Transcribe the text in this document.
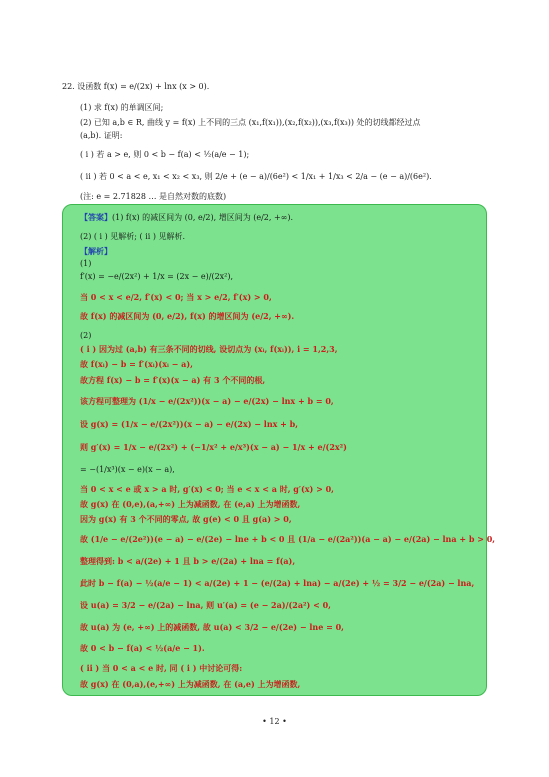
22. 设函数 f(x) = e/(2x) + lnx (x > 0).
(1) 求 f(x) 的单调区间;
(2) 已知 a,b ∈ R, 曲线 y = f(x) 上不同的三点 (x₁,f(x₁)),(x₂,f(x₂)),(x₃,f(x₃)) 处的切线都经过点
(a,b). 证明:
( i ) 若 a > e, 则 0 < b − f(a) < ½(a/e − 1);
( ii ) 若 0 < a < e, x₁ < x₂ < x₃, 则 2/e + (e − a)/(6e²) < 1/x₁ + 1/x₃ < 2/a − (e − a)/(6e²).
(注: e = 2.71828 … 是自然对数的底数)
【答案】(1) f(x) 的减区间为 (0, e/2), 增区间为 (e/2, +∞).
(2) ( i ) 见解析; ( ii ) 见解析.
【解析】
(1)
f′(x) = −e/(2x²) + 1/x = (2x − e)/(2x²),
当 0 < x < e/2, f′(x) < 0; 当 x > e/2, f′(x) > 0,
故 f(x) 的减区间为 (0, e/2), f(x) 的增区间为 (e/2, +∞).
(2)
( i ) 因为过 (a,b) 有三条不同的切线, 设切点为 (xᵢ, f(xᵢ)), i = 1,2,3,
故 f(xᵢ) − b = f′(xᵢ)(xᵢ − a),
故方程 f(x) − b = f′(x)(x − a) 有 3 个不同的根,
该方程可整理为 (1/x − e/(2x²))(x − a) − e/(2x) − lnx + b = 0,
设 g(x) = (1/x − e/(2x²))(x − a) − e/(2x) − lnx + b,
则 g′(x) = 1/x − e/(2x²) + (−1/x² + e/x³)(x − a) − 1/x + e/(2x²)
= −(1/x³)(x − e)(x − a),
当 0 < x < e 或 x > a 时, g′(x) < 0; 当 e < x < a 时, g′(x) > 0,
故 g(x) 在 (0,e),(a,+∞) 上为减函数, 在 (e,a) 上为增函数,
因为 g(x) 有 3 个不同的零点, 故 g(e) < 0 且 g(a) > 0,
故 (1/e − e/(2e²))(e − a) − e/(2e) − lne + b < 0 且 (1/a − e/(2a²))(a − a) − e/(2a) − lna + b > 0,
整理得到: b < a/(2e) + 1 且 b > e/(2a) + lna = f(a),
此时 b − f(a) − ½(a/e − 1) < a/(2e) + 1 − (e/(2a) + lna) − a/(2e) + ½ = 3/2 − e/(2a) − lna,
设 u(a) = 3/2 − e/(2a) − lna, 则 u′(a) = (e − 2a)/(2a²) < 0,
故 u(a) 为 (e, +∞) 上的减函数, 故 u(a) < 3/2 − e/(2e) − lne = 0,
故 0 < b − f(a) < ½(a/e − 1).
( ii ) 当 0 < a < e 时, 同 ( i ) 中讨论可得:
故 g(x) 在 (0,a),(e,+∞) 上为减函数, 在 (a,e) 上为增函数,
• 12 •
